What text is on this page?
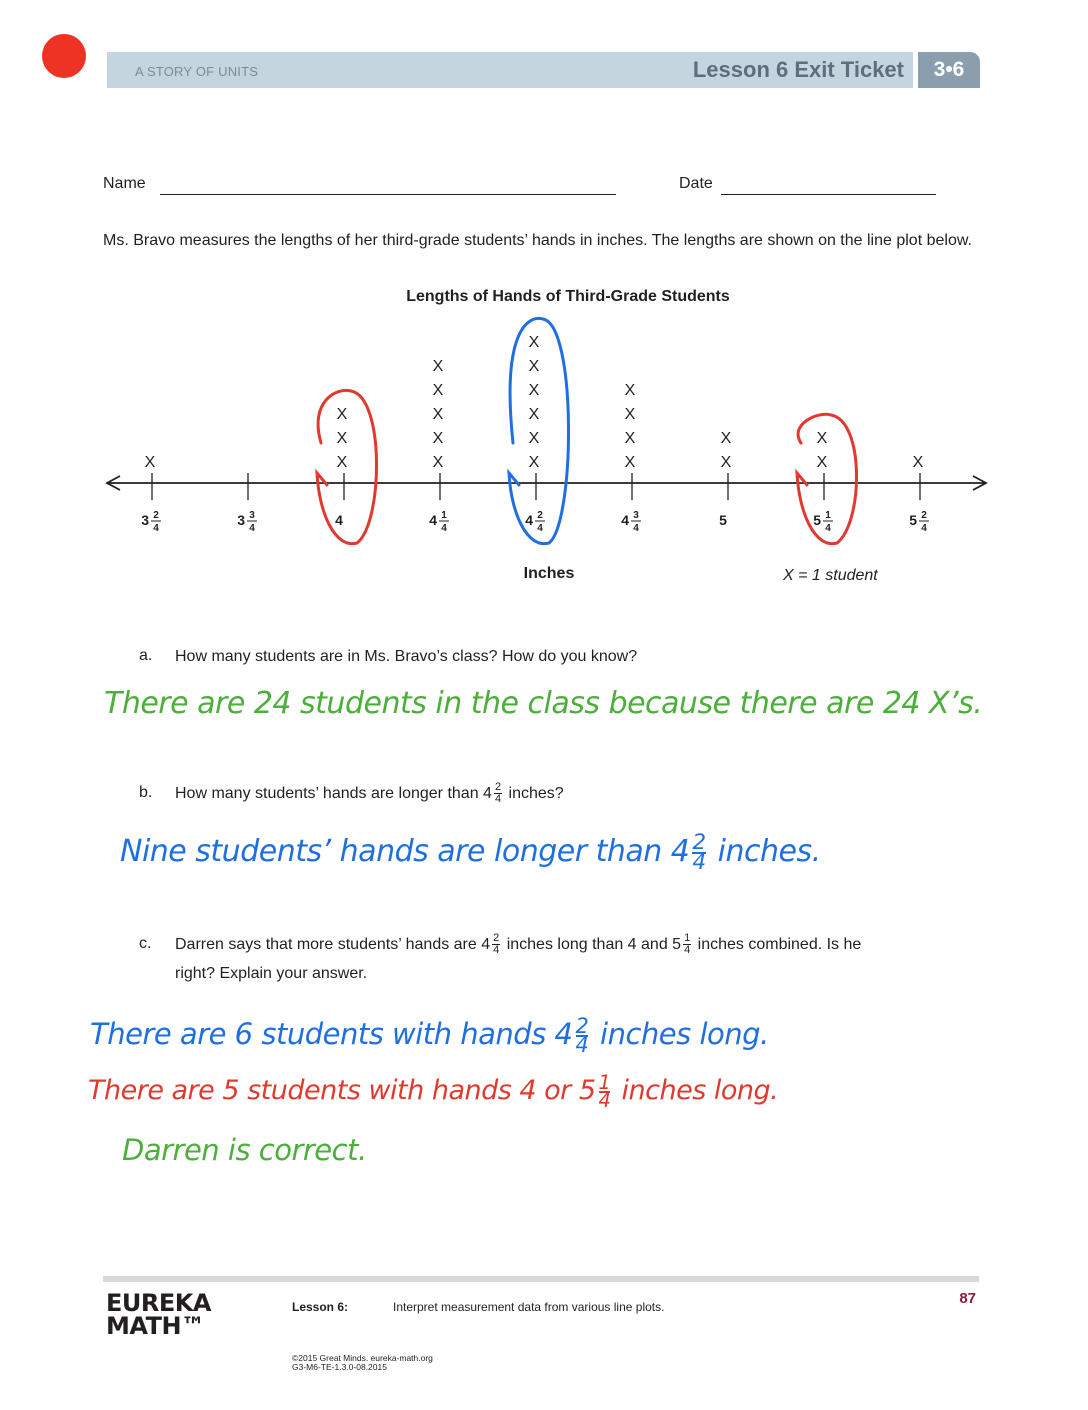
A STORY OF UNITS	Lesson 6 Exit Ticket	3•6
Name	Date
Ms. Bravo measures the lengths of her third-grade students’ hands in inches. The lengths are shown on the line plot below.
Lengths of Hands of Third-Grade Students
X	X
X
X
X
X
X
X
X
X
X
X
X
X
X
X
X
X
X
X
X
X
X
X
3 2
4
3 3
4
4	4 1
4
4 2
4
4 3
4
5	5 1
4
5 2
4
Inches	X = 1 student
a. How many students are in Ms. Bravo’s class? How do you know?
There are 24 students in the class because there are 24 X’s.
b. How many students’ hands are longer than $4 \frac{2}{4}$ inches?
Nine students’ hands are longer than $4 \frac{2}{4}$ inches.
c. Darren says that more students’ hands are $4 \frac{2}{4}$ inches long than 4 and $5 \frac{1}{4}$ inches combined. Is he
right? Explain your answer.
There are 6 students with hands $4 \frac{2}{4}$ inches long.
There are 5 students with hands 4 or $5 \frac{1}{4}$ inches long.
Darren is correct.
EUREKA
MATH™
Lesson 6:	Interpret measurement data from various line plots.	87
©2015 Great Minds. eureka-math.org
G3-M6-TE-1.3.0-08.2015
